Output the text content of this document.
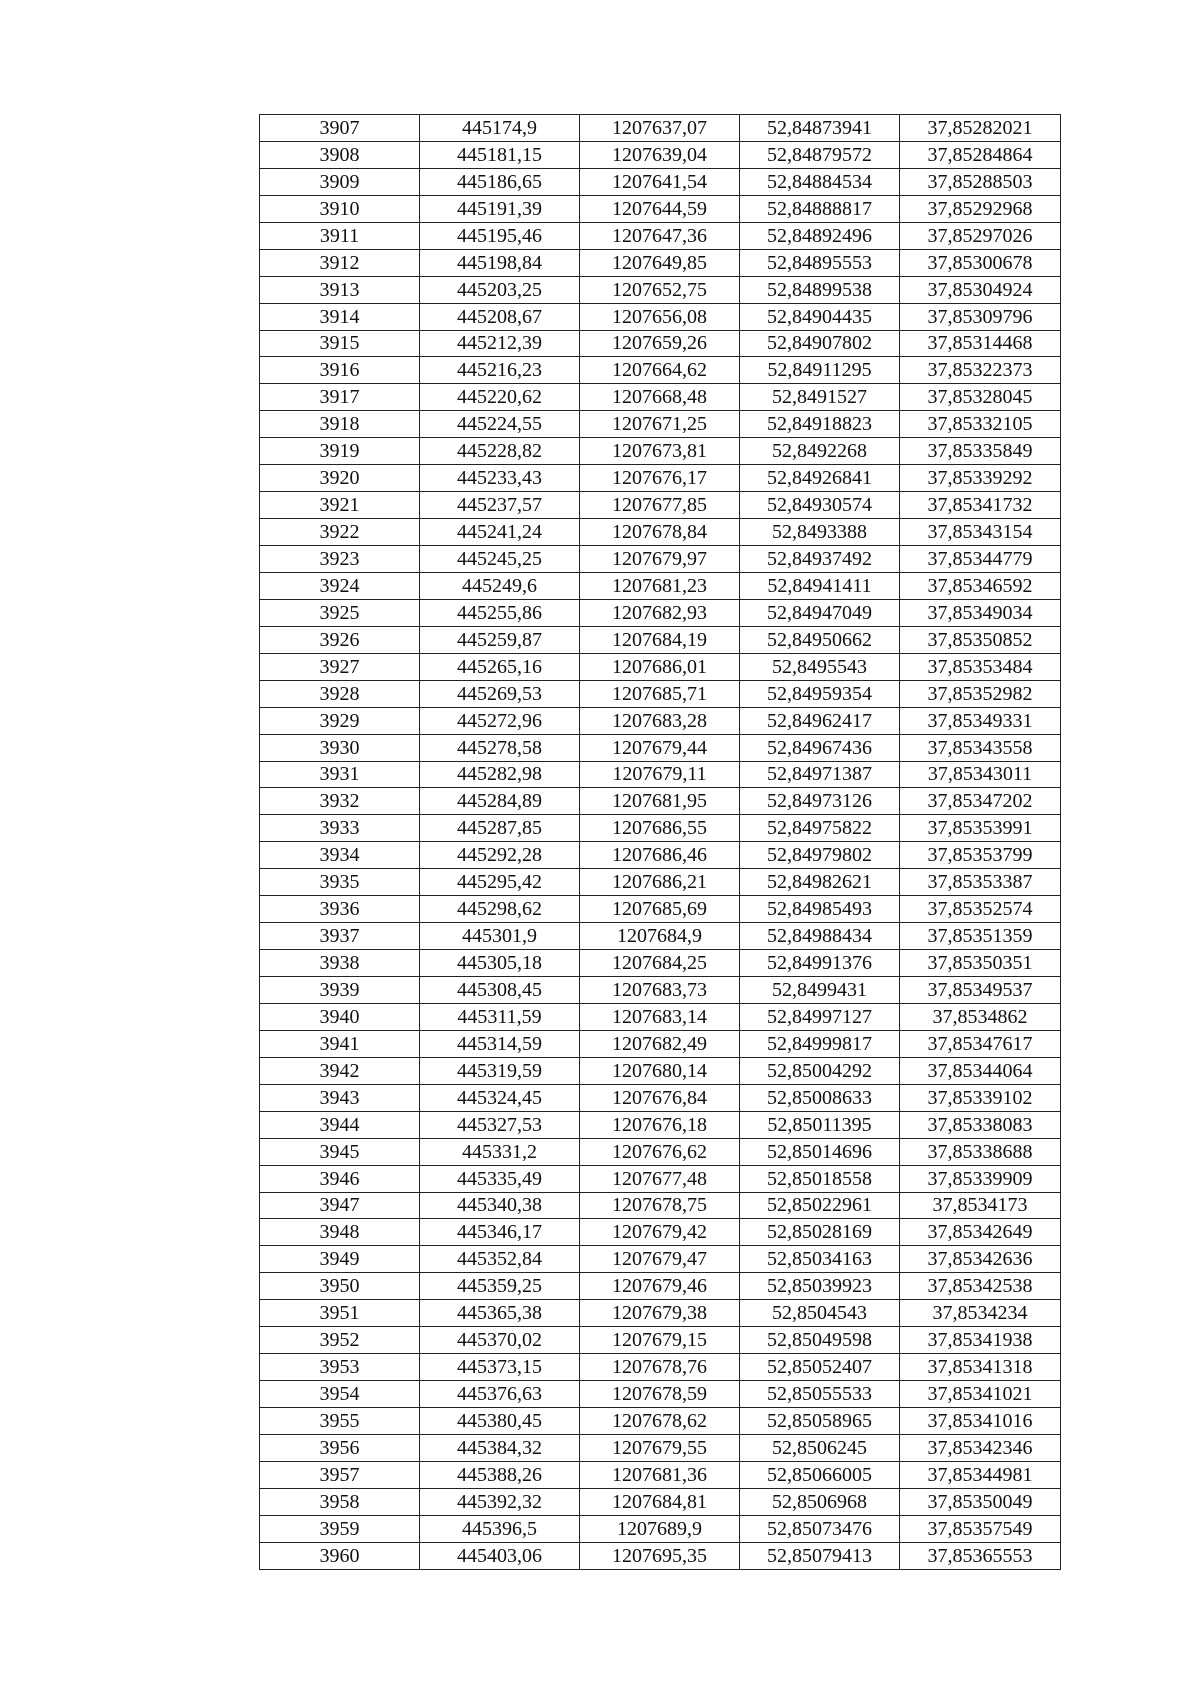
3907	445174,9	1207637,07	52,84873941	37,85282021
3908	445181,15	1207639,04	52,84879572	37,85284864
3909	445186,65	1207641,54	52,84884534	37,85288503
3910	445191,39	1207644,59	52,84888817	37,85292968
3911	445195,46	1207647,36	52,84892496	37,85297026
3912	445198,84	1207649,85	52,84895553	37,85300678
3913	445203,25	1207652,75	52,84899538	37,85304924
3914	445208,67	1207656,08	52,84904435	37,85309796
3915	445212,39	1207659,26	52,84907802	37,85314468
3916	445216,23	1207664,62	52,84911295	37,85322373
3917	445220,62	1207668,48	52,8491527	37,85328045
3918	445224,55	1207671,25	52,84918823	37,85332105
3919	445228,82	1207673,81	52,8492268	37,85335849
3920	445233,43	1207676,17	52,84926841	37,85339292
3921	445237,57	1207677,85	52,84930574	37,85341732
3922	445241,24	1207678,84	52,8493388	37,85343154
3923	445245,25	1207679,97	52,84937492	37,85344779
3924	445249,6	1207681,23	52,84941411	37,85346592
3925	445255,86	1207682,93	52,84947049	37,85349034
3926	445259,87	1207684,19	52,84950662	37,85350852
3927	445265,16	1207686,01	52,8495543	37,85353484
3928	445269,53	1207685,71	52,84959354	37,85352982
3929	445272,96	1207683,28	52,84962417	37,85349331
3930	445278,58	1207679,44	52,84967436	37,85343558
3931	445282,98	1207679,11	52,84971387	37,85343011
3932	445284,89	1207681,95	52,84973126	37,85347202
3933	445287,85	1207686,55	52,84975822	37,85353991
3934	445292,28	1207686,46	52,84979802	37,85353799
3935	445295,42	1207686,21	52,84982621	37,85353387
3936	445298,62	1207685,69	52,84985493	37,85352574
3937	445301,9	1207684,9	52,84988434	37,85351359
3938	445305,18	1207684,25	52,84991376	37,85350351
3939	445308,45	1207683,73	52,8499431	37,85349537
3940	445311,59	1207683,14	52,84997127	37,8534862
3941	445314,59	1207682,49	52,84999817	37,85347617
3942	445319,59	1207680,14	52,85004292	37,85344064
3943	445324,45	1207676,84	52,85008633	37,85339102
3944	445327,53	1207676,18	52,85011395	37,85338083
3945	445331,2	1207676,62	52,85014696	37,85338688
3946	445335,49	1207677,48	52,85018558	37,85339909
3947	445340,38	1207678,75	52,85022961	37,8534173
3948	445346,17	1207679,42	52,85028169	37,85342649
3949	445352,84	1207679,47	52,85034163	37,85342636
3950	445359,25	1207679,46	52,85039923	37,85342538
3951	445365,38	1207679,38	52,8504543	37,8534234
3952	445370,02	1207679,15	52,85049598	37,85341938
3953	445373,15	1207678,76	52,85052407	37,85341318
3954	445376,63	1207678,59	52,85055533	37,85341021
3955	445380,45	1207678,62	52,85058965	37,85341016
3956	445384,32	1207679,55	52,8506245	37,85342346
3957	445388,26	1207681,36	52,85066005	37,85344981
3958	445392,32	1207684,81	52,8506968	37,85350049
3959	445396,5	1207689,9	52,85073476	37,85357549
3960	445403,06	1207695,35	52,85079413	37,85365553
